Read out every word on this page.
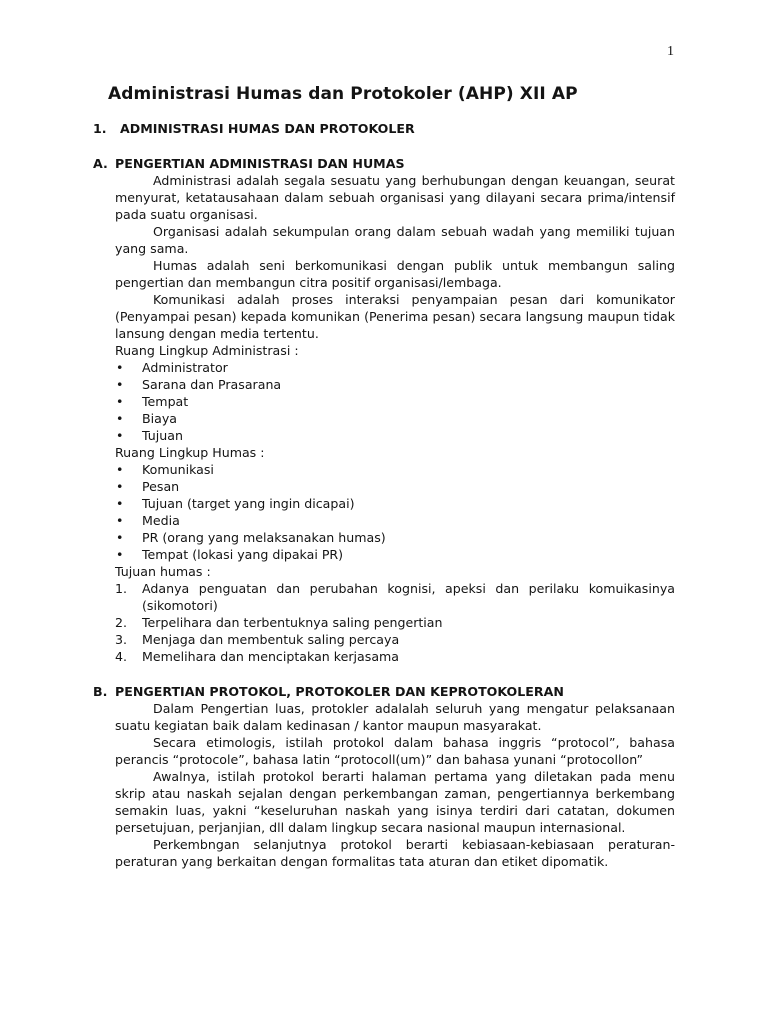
1
Administrasi Humas dan Protokoler (AHP) XII AP

1. ADMINISTRASI HUMAS DAN PROTOKOLER

A. PENGERTIAN ADMINISTRASI DAN HUMAS

Administrasi adalah segala sesuatu yang berhubungan dengan keuangan, seurat menyurat, ketatausahaan dalam sebuah organisasi yang dilayani secara prima/intensif pada suatu organisasi.

Organisasi adalah sekumpulan orang dalam sebuah wadah yang memiliki tujuan yang sama.

Humas adalah seni berkomunikasi dengan publik untuk membangun saling pengertian dan membangun citra positif organisasi/lembaga.

Komunikasi adalah proses interaksi penyampaian pesan dari komunikator (Penyampai pesan) kepada komunikan (Penerima pesan) secara langsung maupun tidak lansung dengan media tertentu.

Ruang Lingkup Administrasi :

• Administrator
• Sarana dan Prasarana
• Tempat
• Biaya
• Tujuan

Ruang Lingkup Humas :

• Komunikasi
• Pesan
• Tujuan (target yang ingin dicapai)
• Media
• PR (orang yang melaksanakan humas)
• Tempat (lokasi yang dipakai PR)

Tujuan humas :

1. Adanya penguatan dan perubahan kognisi, apeksi dan perilaku komuikasinya (sikomotori)
2. Terpelihara dan terbentuknya saling pengertian
3. Menjaga dan membentuk saling percaya
4. Memelihara dan menciptakan kerjasama

B. PENGERTIAN PROTOKOL, PROTOKOLER DAN KEPROTOKOLERAN

Dalam Pengertian luas, protokler adalalah seluruh yang mengatur pelaksanaan suatu kegiatan baik dalam kedinasan / kantor maupun masyarakat.

Secara etimologis, istilah protokol dalam bahasa inggris “protocol”, bahasa perancis “protocole”, bahasa latin “protocoll(um)” dan bahasa yunani “protocollon”

Awalnya, istilah protokol berarti halaman pertama yang diletakan pada menu skrip atau naskah sejalan dengan perkembangan zaman, pengertiannya berkembang semakin luas, yakni “keseluruhan naskah yang isinya terdiri dari catatan, dokumen persetujuan, perjanjian, dll dalam lingkup secara nasional maupun internasional.

Perkembngan selanjutnya protokol berarti kebiasaan-kebiasaan peraturan-peraturan yang berkaitan dengan formalitas tata aturan dan etiket dipomatik.
